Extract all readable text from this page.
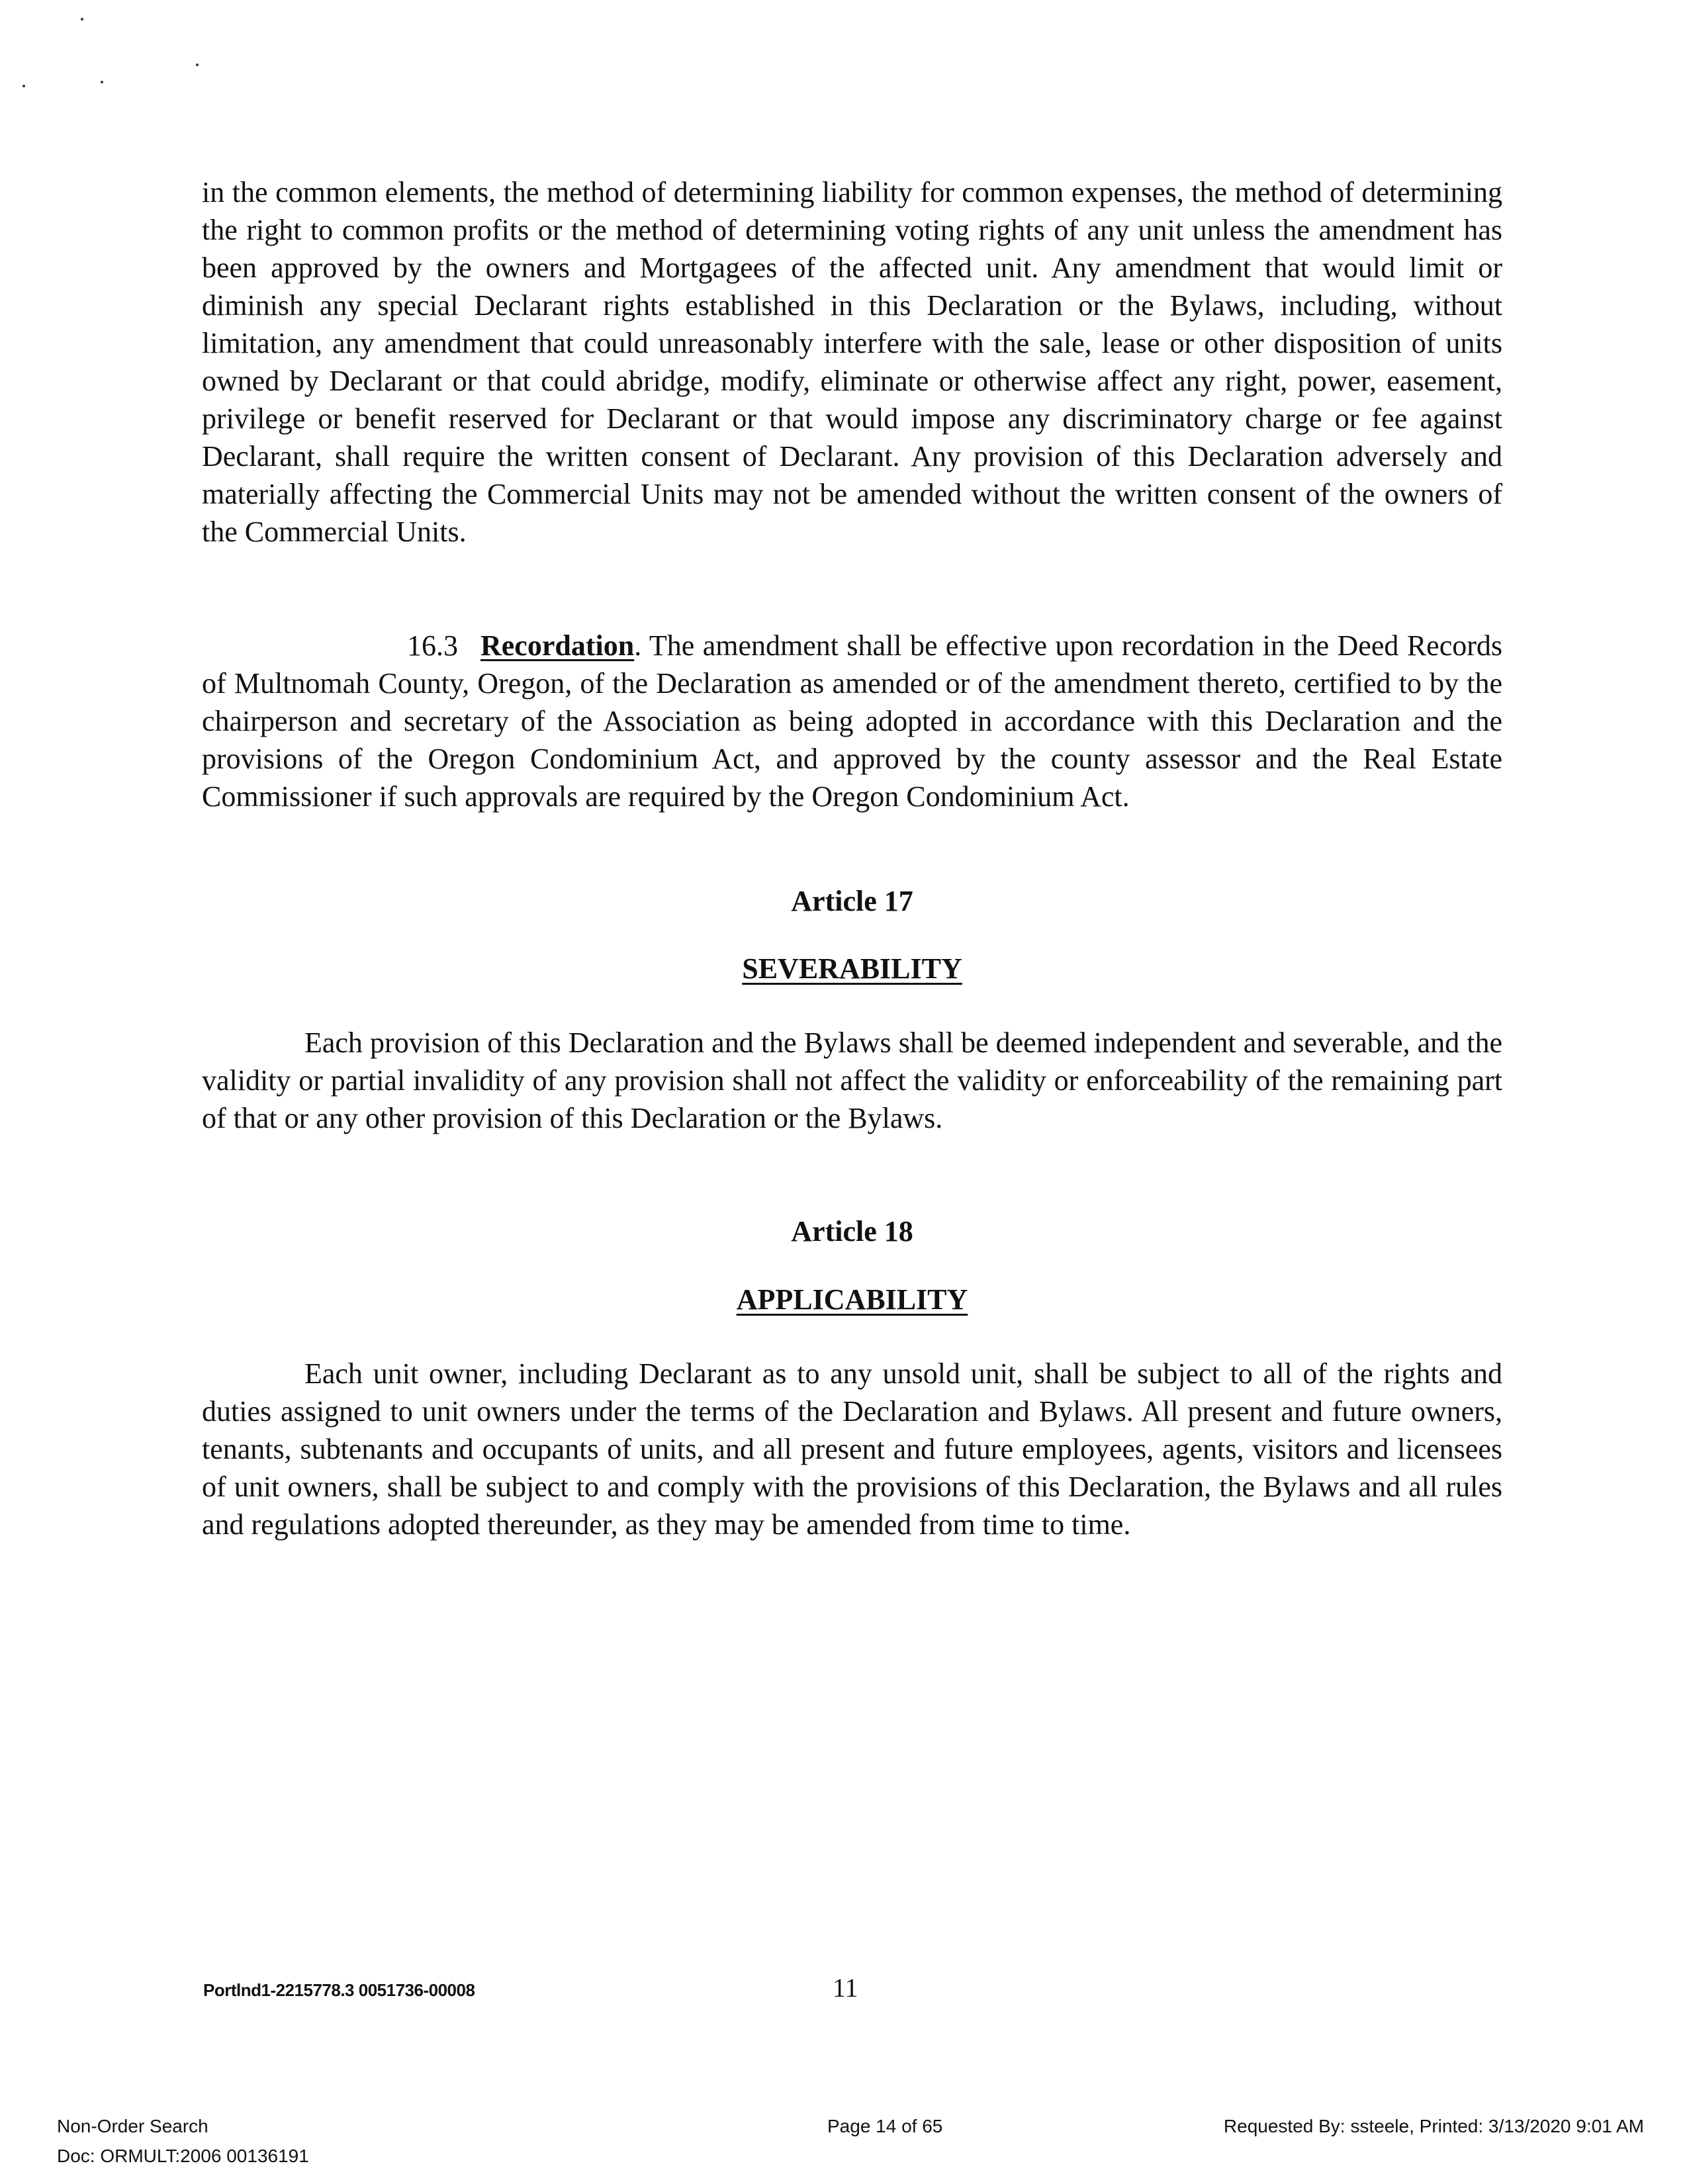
in the common elements, the method of determining liability for common expenses, the method of determining the right to common profits or the method of determining voting rights of any unit unless the amendment has been approved by the owners and Mortgagees of the affected unit. Any amendment that would limit or diminish any special Declarant rights established in this Declaration or the Bylaws, including, without limitation, any amendment that could unreasonably interfere with the sale, lease or other disposition of units owned by Declarant or that could abridge, modify, eliminate or otherwise affect any right, power, easement, privilege or benefit reserved for Declarant or that would impose any discriminatory charge or fee against Declarant, shall require the written consent of Declarant. Any provision of this Declaration adversely and materially affecting the Commercial Units may not be amended without the written consent of the owners of the Commercial Units.

16.3 Recordation. The amendment shall be effective upon recordation in the Deed Records of Multnomah County, Oregon, of the Declaration as amended or of the amendment thereto, certified to by the chairperson and secretary of the Association as being adopted in accordance with this Declaration and the provisions of the Oregon Condominium Act, and approved by the county assessor and the Real Estate Commissioner if such approvals are required by the Oregon Condominium Act.

Article 17

SEVERABILITY

Each provision of this Declaration and the Bylaws shall be deemed independent and severable, and the validity or partial invalidity of any provision shall not affect the validity or enforceability of the remaining part of that or any other provision of this Declaration or the Bylaws.

Article 18

APPLICABILITY

Each unit owner, including Declarant as to any unsold unit, shall be subject to all of the rights and duties assigned to unit owners under the terms of the Declaration and Bylaws. All present and future owners, tenants, subtenants and occupants of units, and all present and future employees, agents, visitors and licensees of unit owners, shall be subject to and comply with the provisions of this Declaration, the Bylaws and all rules and regulations adopted thereunder, as they may be amended from time to time.

Portlnd1-2215778.3 0051736-00008	11
Non-Order Search
Doc: ORMULT:2006 00136191
Page 14 of 65	Requested By: ssteele, Printed: 3/13/2020 9:01 AM
